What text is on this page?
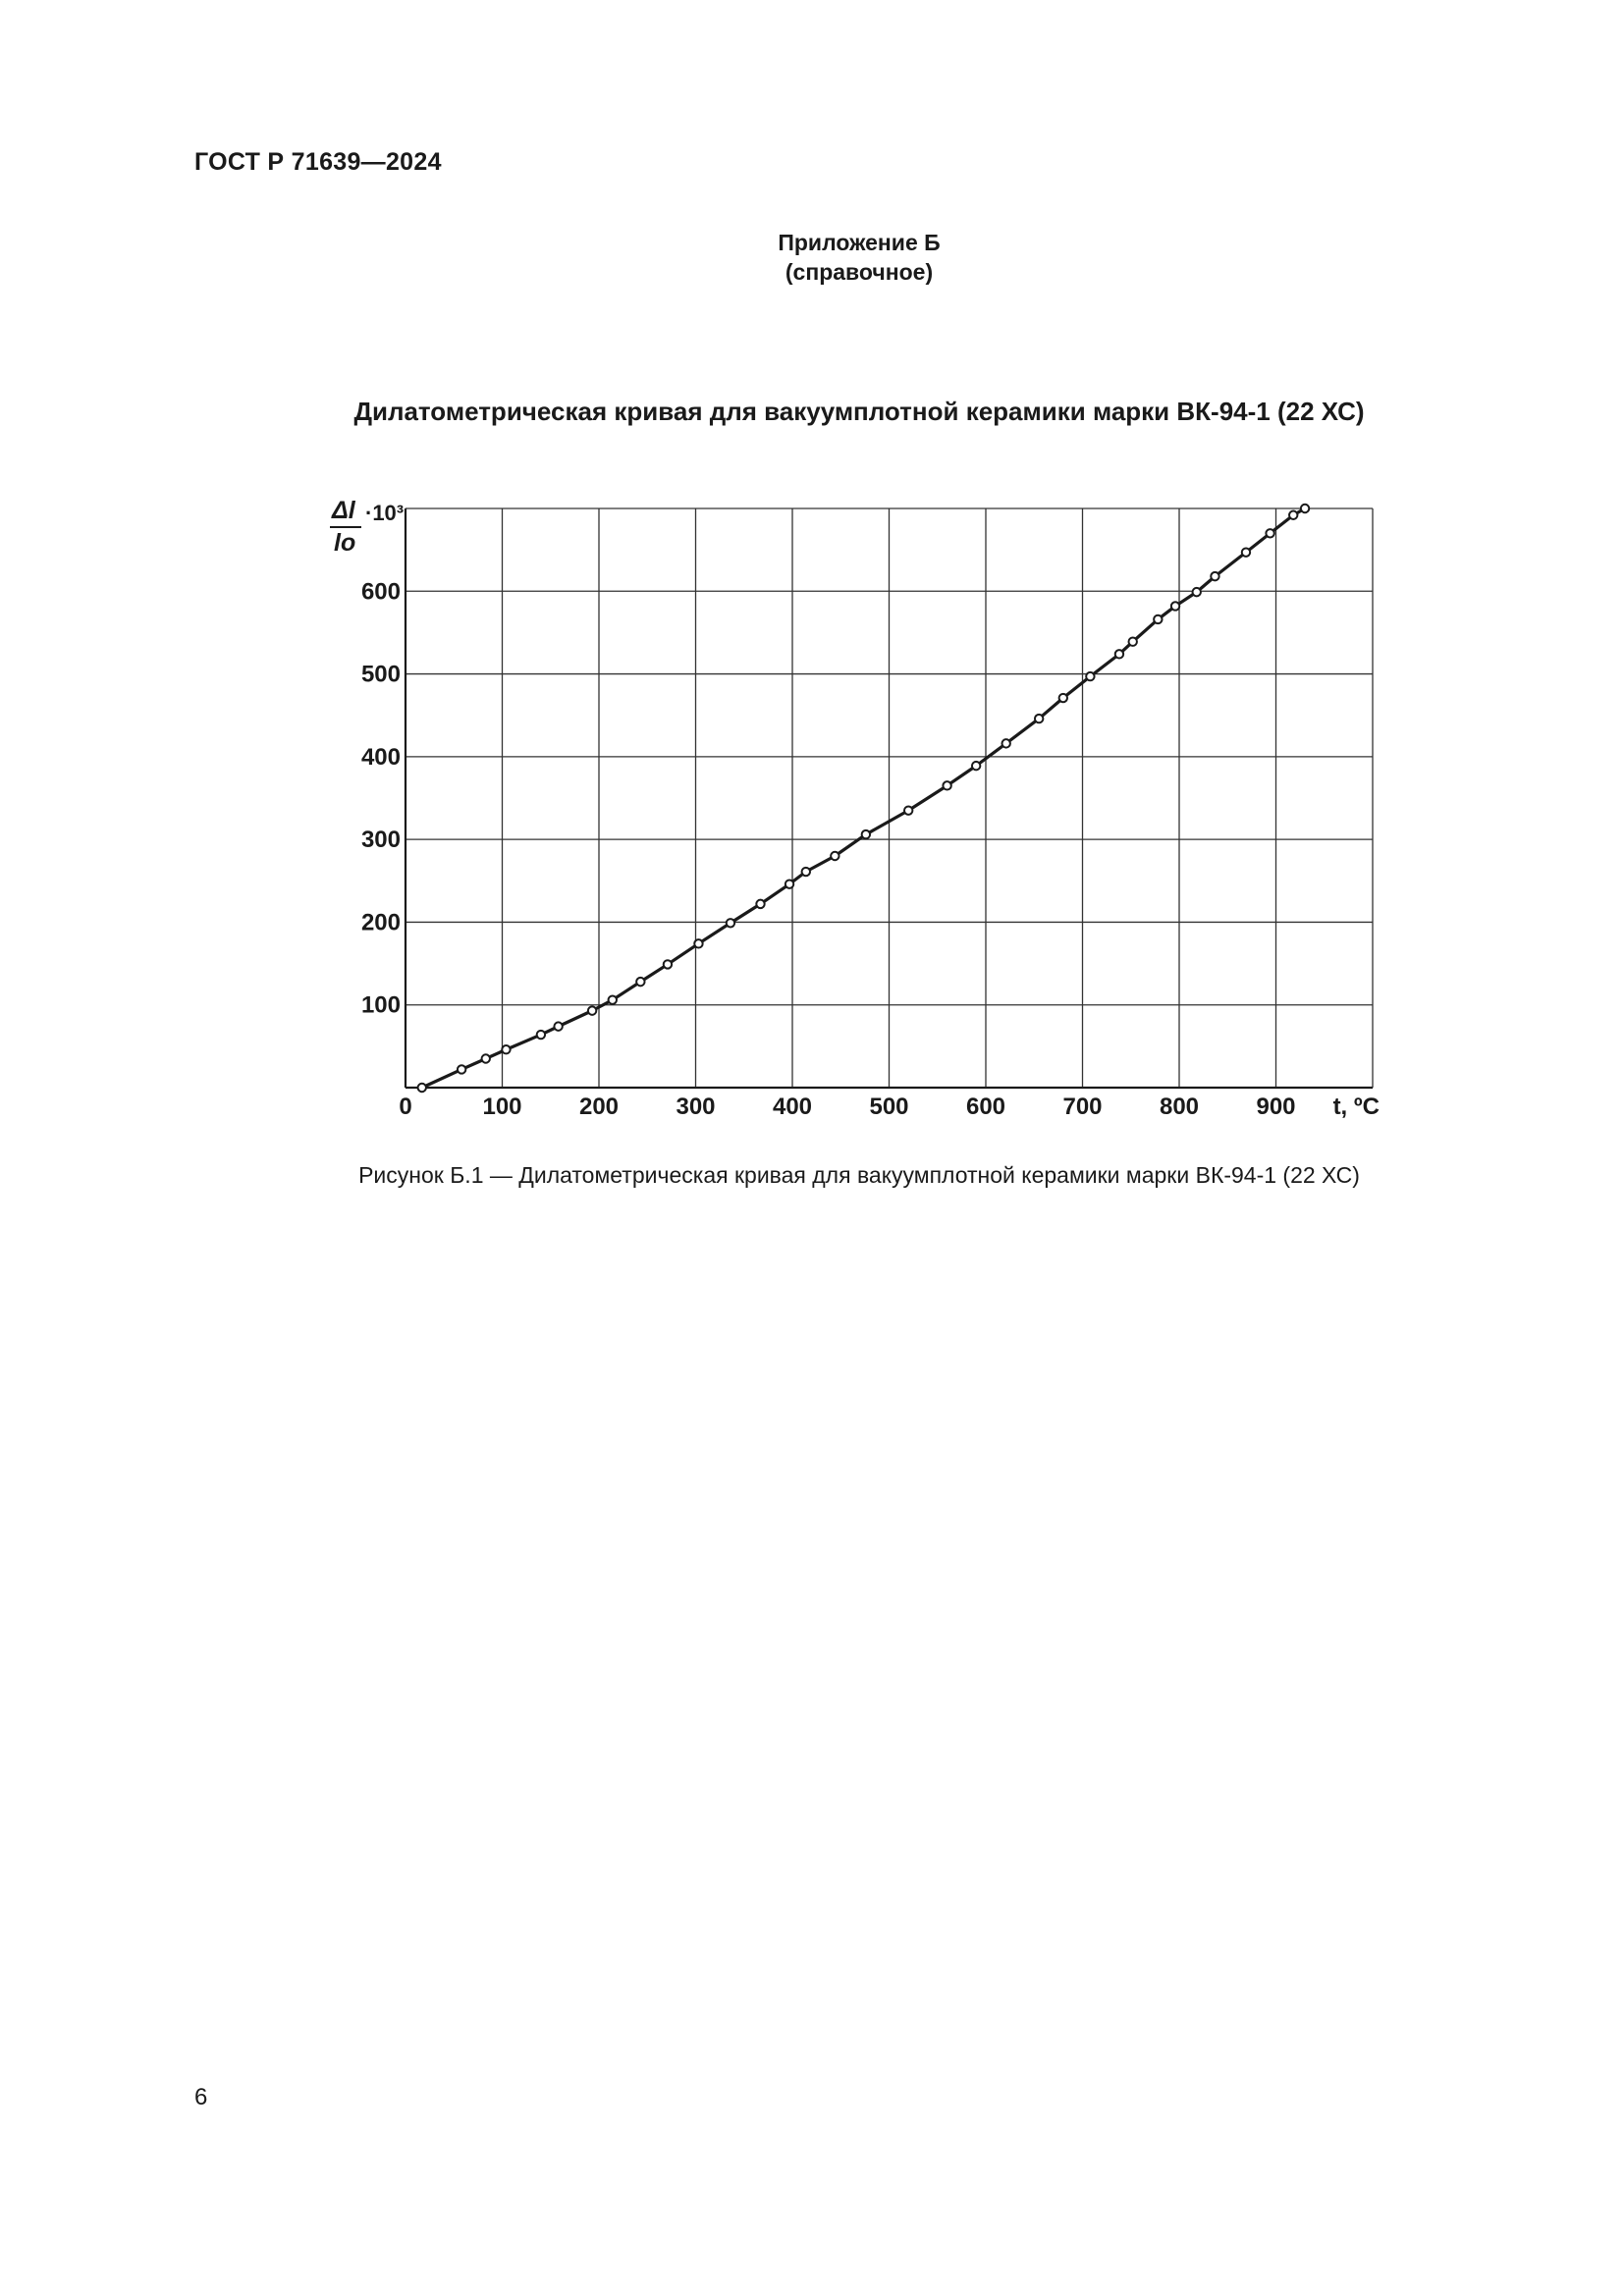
ГОСТ Р 71639—2024
Приложение Б
(справочное)
Дилатометрическая кривая для вакуумплотной керамики марки ВК-94-1 (22 ХС)
0	100 200 300 400 500 600 700 800 900
100
200
300
400
500
600
Δl
lо
·10³
t, ºC
Рисунок Б.1 — Дилатометрическая кривая для вакуумплотной керамики марки ВК-94-1 (22 ХС)
6
